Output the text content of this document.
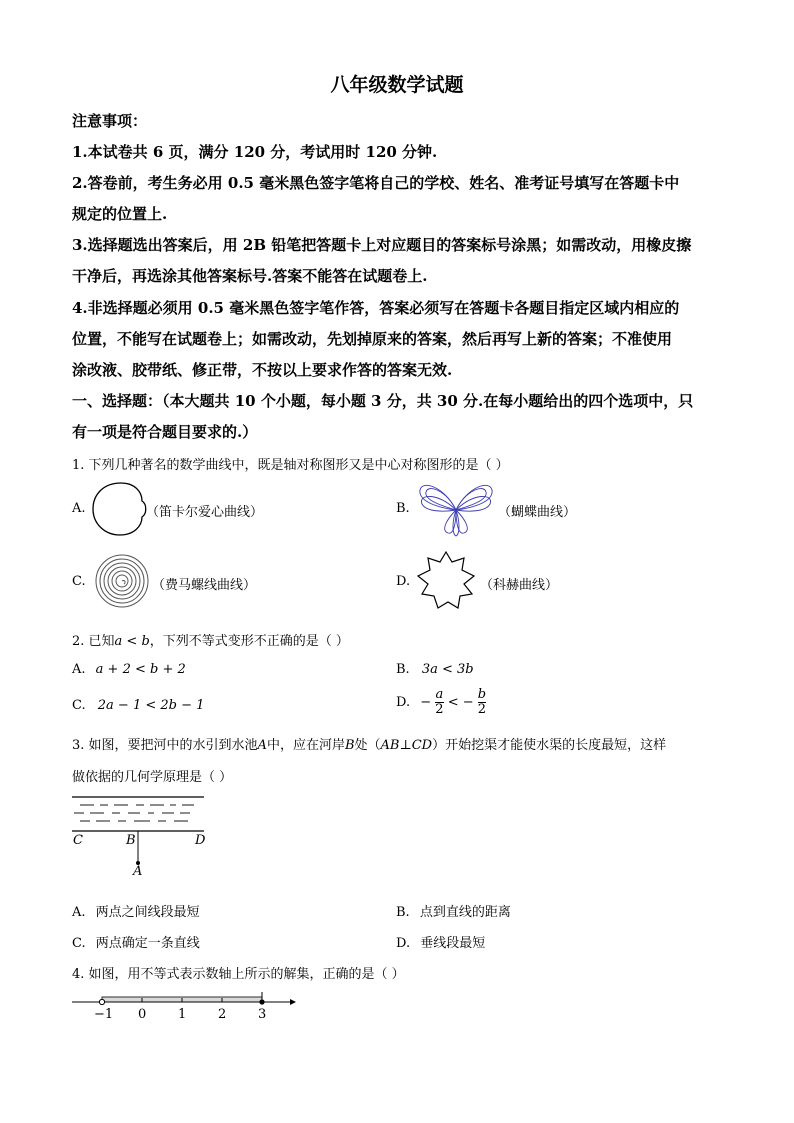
八年级数学试题
注意事项：
1.本试卷共 6 页，满分 120 分，考试用时 120 分钟.
2.答卷前，考生务必用 0.5 毫米黑色签字笔将自己的学校、姓名、准考证号填写在答题卡中
规定的位置上.
3.选择题选出答案后，用 2B 铅笔把答题卡上对应题目的答案标号涂黑；如需改动，用橡皮擦
干净后，再选涂其他答案标号.答案不能答在试题卷上.
4.非选择题必须用 0.5 毫米黑色签字笔作答，答案必须写在答题卡各题目指定区域内相应的
位置，不能写在试题卷上；如需改动，先划掉原来的答案，然后再写上新的答案；不准使用
涂改液、胶带纸、修正带，不按以上要求作答的答案无效.
一、选择题：（本大题共 10 个小题，每小题 3 分，共 30 分.在每小题给出的四个选项中，只
有一项是符合题目要求的.）
1. 下列几种著名的数学曲线中，既是轴对称图形又是中心对称图形的是（ ）
A.	（笛卡尔爱心曲线）	B.	（蝴蝶曲线）
C.	（费马螺线曲线）	D.	（科赫曲线）
2. 已知a < b，下列不等式变形不正确的是（ ）
A. a + 2 < b + 2	B. 3a < 3b
C. 2a − 1 < 2b − 1	D. − $\frac{a}{2}$ < − $\frac{b}{2}$
3. 如图，要把河中的水引到水池A中，应在河岸B处（AB⊥CD）开始挖渠才能使水渠的长度最短，这样
做依据的几何学原理是（ ）
C	B	D
A
A. 两点之间线段最短	B. 点到直线的距离
C. 两点确定一条直线	D. 垂线段最短
4. 如图，用不等式表示数轴上所示的解集，正确的是（ ）
−1 0 1 2 3
